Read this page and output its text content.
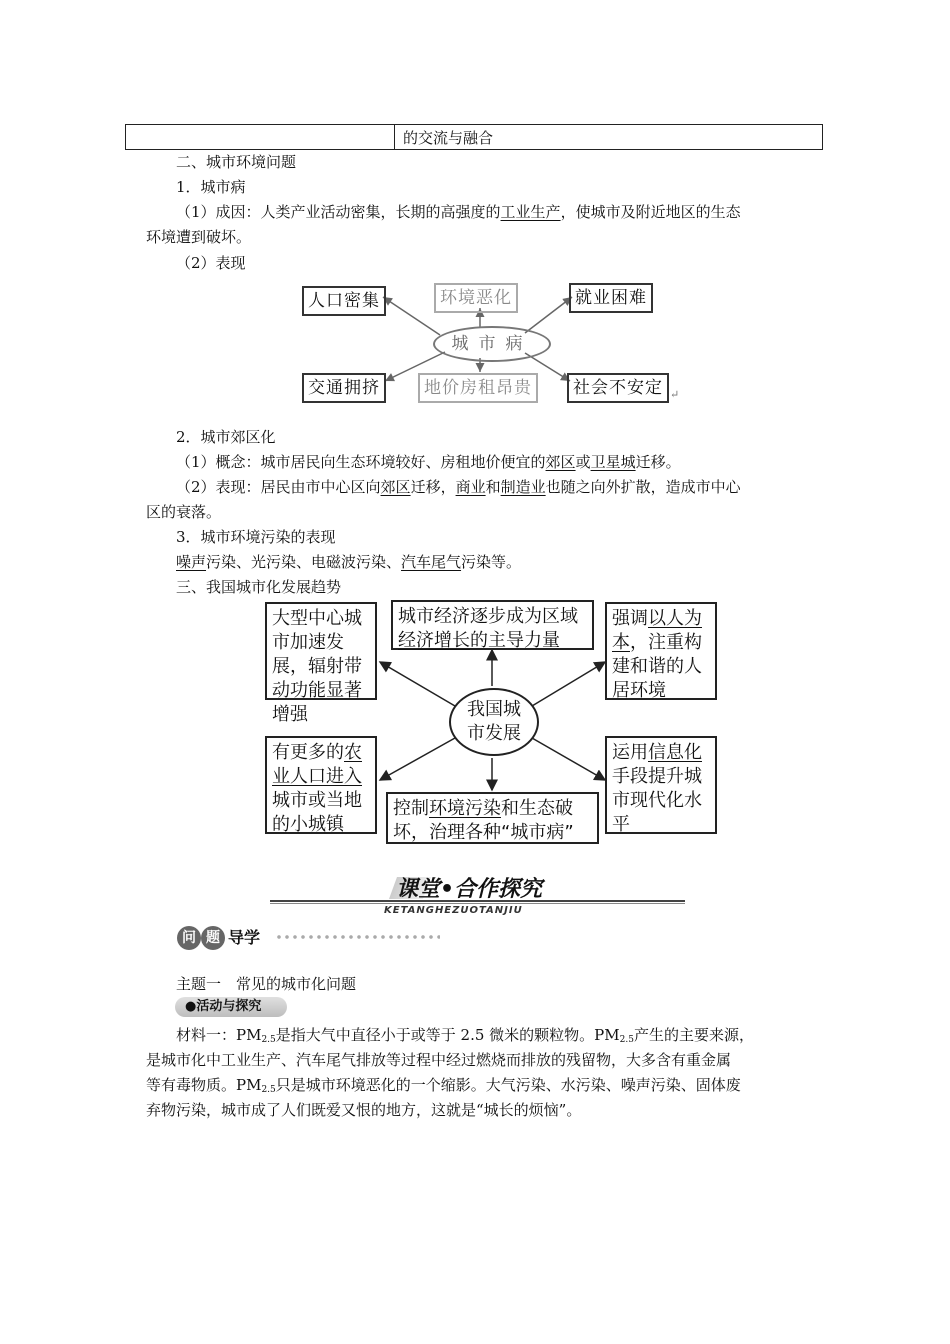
	的交流与融合
二、城市环境问题
1．城市病
（1）成因：人类产业活动密集，长期的高强度的工业生产，使城市及附近地区的生态
环境遭到破坏。
（2）表现
人口密集	环境恶化	就业困难
城市病
交通拥挤	地价房租昂贵	社会不安定 ↵
2．城市郊区化
（1）概念：城市居民向生态环境较好、房租地价便宜的郊区或卫星城迁移。
（2）表现：居民由市中心区向郊区迁移，商业和制造业也随之向外扩散，造成市中心
区的衰落。
3．城市环境污染的表现
噪声污染、光污染、电磁波污染、汽车尾气污染等。
三、我国城市化发展趋势
大型中心城市加速发展，辐射带动功能显著增强
城市经济逐步成为区域经济增长的主导力量
强调以人为本，注重构建和谐的人居环境
我国城
市发展
有更多的农业人口进入城市或当地的小城镇
控制环境污染和生态破坏，治理各种“城市病”
运用信息化手段提升城市现代化水平
课堂•合作探究
KETANGHEZUOTANJIU
问 题 导学
主题一　常见的城市化问题
●活动与探究
材料一：$PM_{2.5}$是指大气中直径小于或等于 2.5 微米的颗粒物。$PM_{2.5}$产生的主要来源，
是城市化中工业生产、汽车尾气排放等过程中经过燃烧而排放的残留物，大多含有重金属
等有毒物质。$PM_{2.5}$只是城市环境恶化的一个缩影。大气污染、水污染、噪声污染、固体废
弃物污染，城市成了人们既爱又恨的地方，这就是“城长的烦恼”。
